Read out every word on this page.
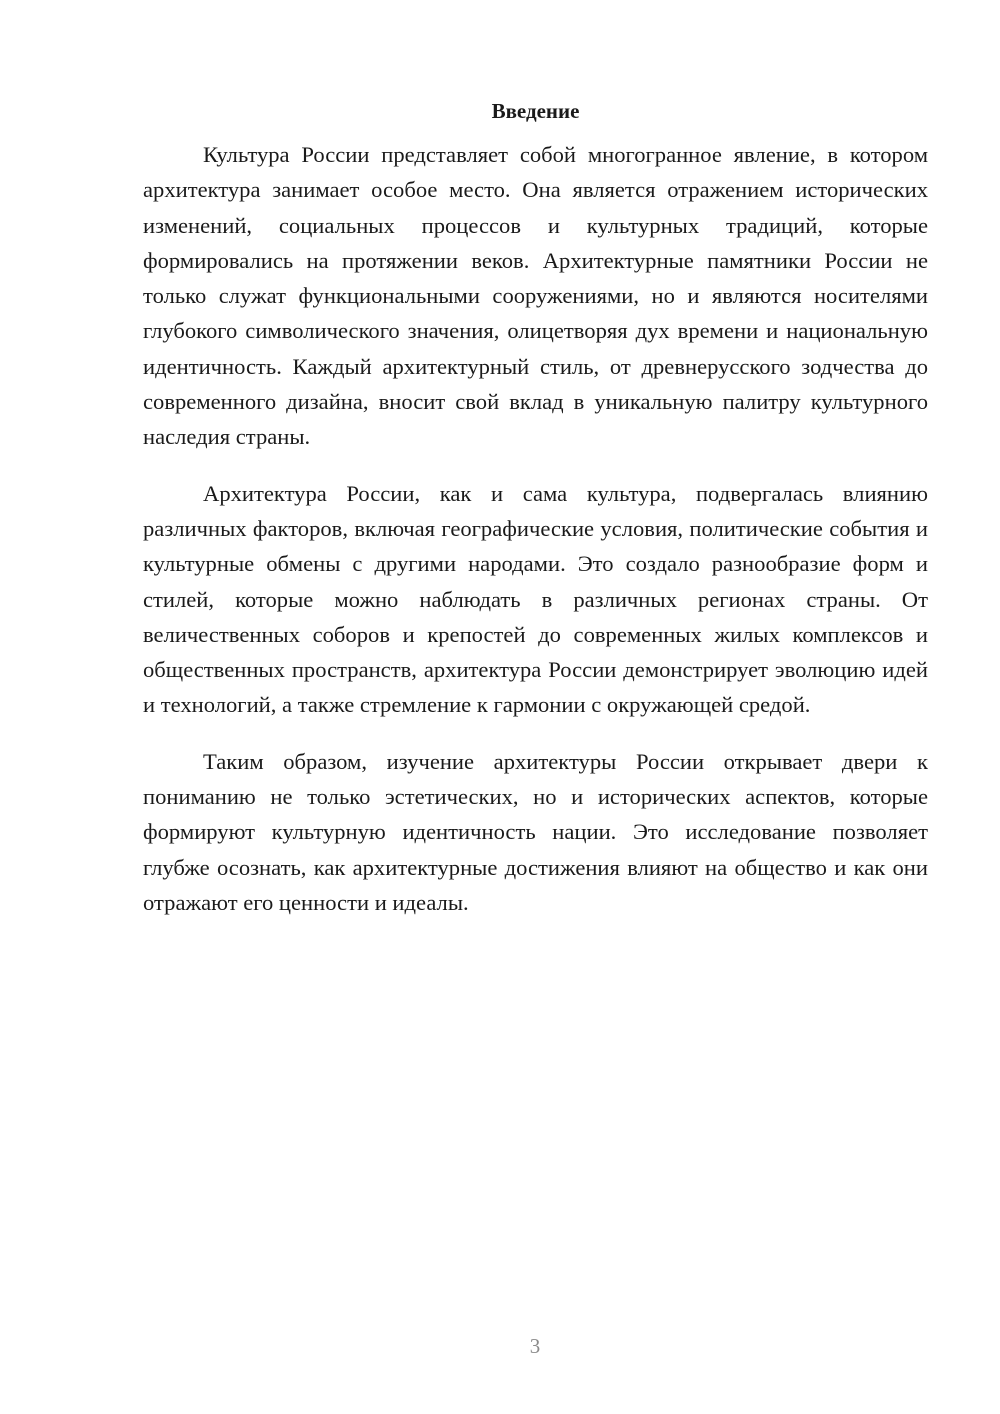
Введение

Культура России представляет собой многогранное явление, в котором архитектура занимает особое место. Она является отражением исторических изменений, социальных процессов и культурных традиций, которые формировались на протяжении веков. Архитектурные памятники России не только служат функциональными сооружениями, но и являются носителями глубокого символического значения, олицетворяя дух времени и национальную идентичность. Каждый архитектурный стиль, от древнерусского зодчества до современного дизайна, вносит свой вклад в уникальную палитру культурного наследия страны.

Архитектура России, как и сама культура, подвергалась влиянию различных факторов, включая географические условия, политические события и культурные обмены с другими народами. Это создало разнообразие форм и стилей, которые можно наблюдать в различных регионах страны. От величественных соборов и крепостей до современных жилых комплексов и общественных пространств, архитектура России демонстрирует эволюцию идей и технологий, а также стремление к гармонии с окружающей средой.

Таким образом, изучение архитектуры России открывает двери к пониманию не только эстетических, но и исторических аспектов, которые формируют культурную идентичность нации. Это исследование позволяет глубже осознать, как архитектурные достижения влияют на общество и как они отражают его ценности и идеалы.

3
